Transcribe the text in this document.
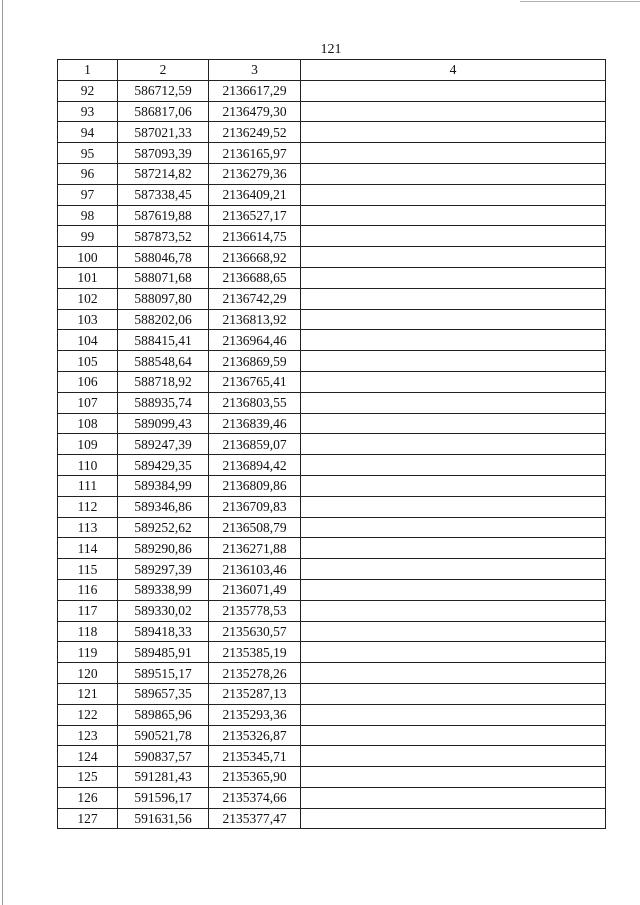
121
1	2	3	4
92	586712,59	2136617,29	
93	586817,06	2136479,30	
94	587021,33	2136249,52	
95	587093,39	2136165,97	
96	587214,82	2136279,36	
97	587338,45	2136409,21	
98	587619,88	2136527,17	
99	587873,52	2136614,75	
100	588046,78	2136668,92	
101	588071,68	2136688,65	
102	588097,80	2136742,29	
103	588202,06	2136813,92	
104	588415,41	2136964,46	
105	588548,64	2136869,59	
106	588718,92	2136765,41	
107	588935,74	2136803,55	
108	589099,43	2136839,46	
109	589247,39	2136859,07	
110	589429,35	2136894,42	
111	589384,99	2136809,86	
112	589346,86	2136709,83	
113	589252,62	2136508,79	
114	589290,86	2136271,88	
115	589297,39	2136103,46	
116	589338,99	2136071,49	
117	589330,02	2135778,53	
118	589418,33	2135630,57	
119	589485,91	2135385,19	
120	589515,17	2135278,26	
121	589657,35	2135287,13	
122	589865,96	2135293,36	
123	590521,78	2135326,87	
124	590837,57	2135345,71	
125	591281,43	2135365,90	
126	591596,17	2135374,66	
127	591631,56	2135377,47	
